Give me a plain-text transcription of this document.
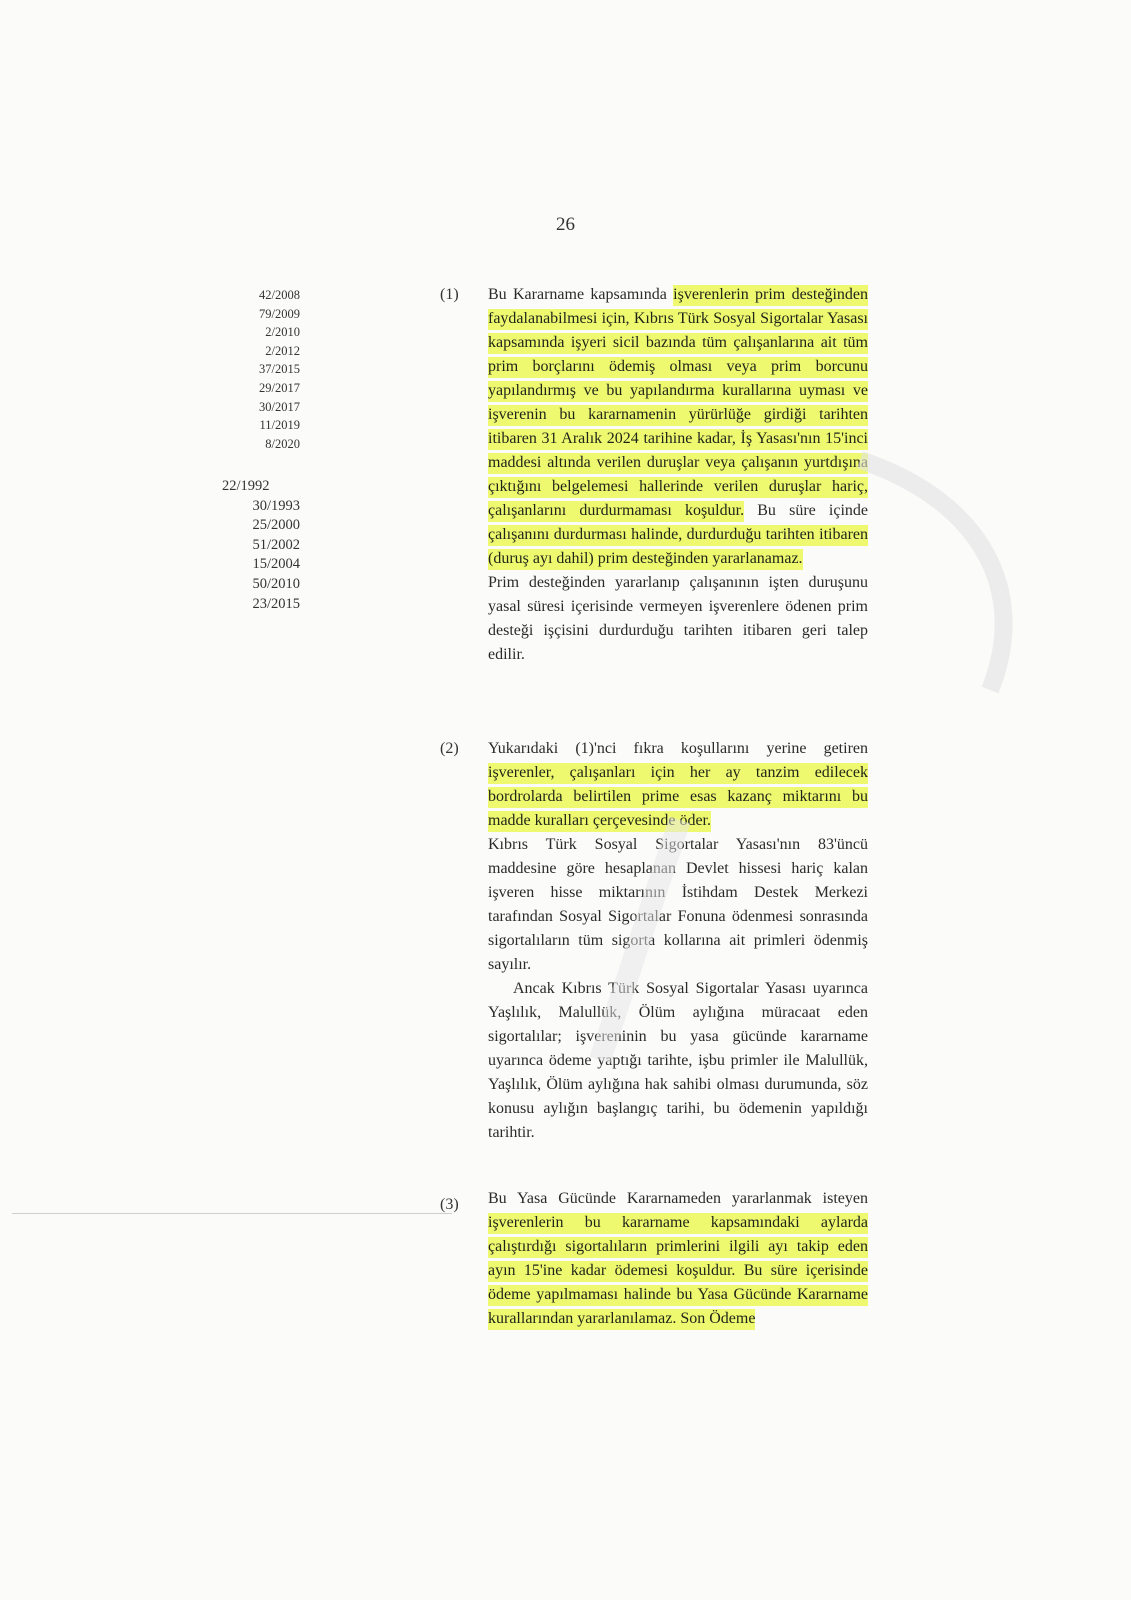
26
42/2008
79/2009
2/2010
2/2012
37/2015
29/2017
30/2017
11/2019
8/2020
22/1992
30/1993
25/2000
51/2002
15/2004
50/2010
23/2015
(1) Bu Kararname kapsamında işverenlerin prim desteğinden faydalanabilmesi için, Kıbrıs Türk Sosyal Sigortalar Yasası kapsamında işyeri sicil bazında tüm çalışanlarına ait tüm prim borçlarını ödemiş olması veya prim borcunu yapılandırmış ve bu yapılandırma kurallarına uyması ve işverenin bu kararnamenin yürürlüğe girdiği tarihten itibaren 31 Aralık 2024 tarihine kadar, İş Yasası'nın 15'inci maddesi altında verilen duruşlar veya çalışanın yurtdışına çıktığını belgelemesi hallerinde verilen duruşlar hariç, çalışanlarını durdurmaması koşuldur. Bu süre içinde çalışanını durdurması halinde, durdurduğu tarihten itibaren (duruş ayı dahil) prim desteğinden yararlanamaz.

Prim desteğinden yararlanıp çalışanının işten duruşunu yasal süresi içerisinde vermeyen işverenlere ödenen prim desteği işçisini durdurduğu tarihten itibaren geri talep edilir.

(2) Yukarıdaki (1)'nci fıkra koşullarını yerine getiren işverenler, çalışanları için her ay tanzim edilecek bordrolarda belirtilen prime esas kazanç miktarını bu madde kuralları çerçevesinde öder.

Kıbrıs Türk Sosyal Sigortalar Yasası'nın 83'üncü maddesine göre hesaplanan Devlet hissesi hariç kalan işveren hisse miktarının İstihdam Destek Merkezi tarafından Sosyal Sigortalar Fonuna ödenmesi sonrasında sigortalıların tüm sigorta kollarına ait primleri ödenmiş sayılır.

Ancak Kıbrıs Türk Sosyal Sigortalar Yasası uyarınca Yaşlılık, Malullük, Ölüm aylığına müracaat eden sigortalılar; işvereninin bu yasa gücünde kararname uyarınca ödeme yaptığı tarihte, işbu primler ile Malullük, Yaşlılık, Ölüm aylığına hak sahibi olması durumunda, söz konusu aylığın başlangıç tarihi, bu ödemenin yapıldığı tarihtir.

(3) Bu Yasa Gücünde Kararnameden yararlanmak isteyen işverenlerin bu kararname kapsamındaki aylarda çalıştırdığı sigortalıların primlerini ilgili ayı takip eden ayın 15'ine kadar ödemesi koşuldur. Bu süre içerisinde ödeme yapılmaması halinde bu Yasa Gücünde Kararname kurallarından yararlanılamaz. Son Ödeme
